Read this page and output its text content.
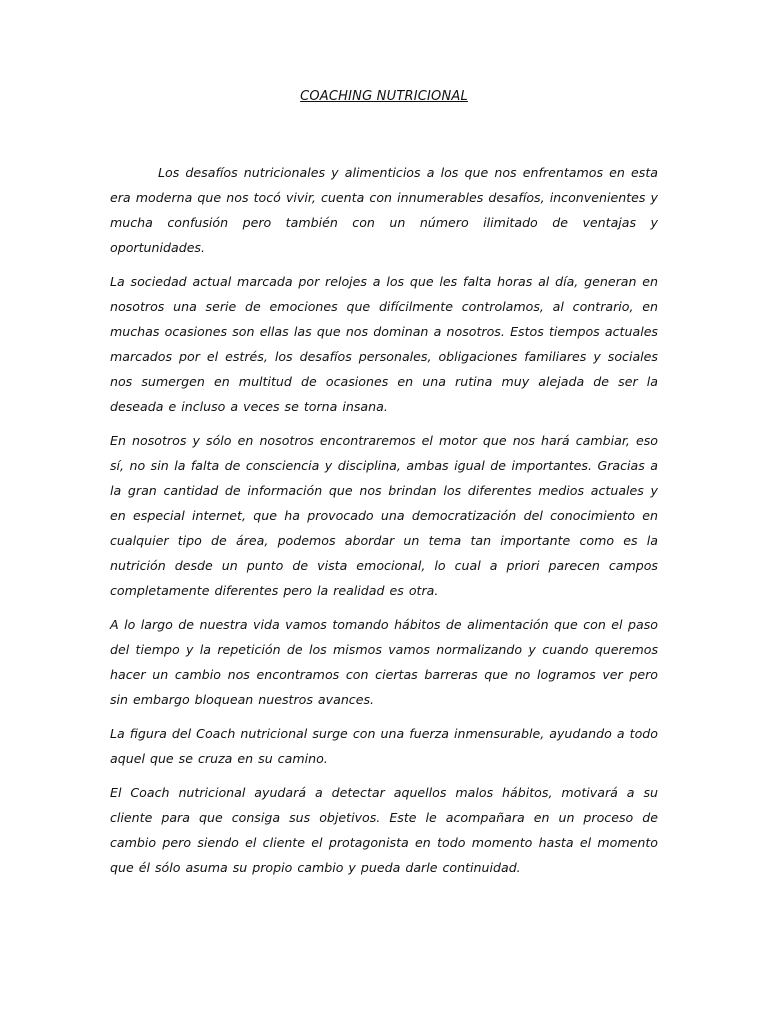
COACHING NUTRICIONAL

Los desafíos nutricionales y alimenticios a los que nos enfrentamos en esta era moderna que nos tocó vivir, cuenta con innumerables desafíos, inconvenientes y mucha confusión pero también con un número ilimitado de ventajas y oportunidades.

La sociedad actual marcada por relojes a los que les falta horas al día, generan en nosotros una serie de emociones que difícilmente controlamos, al contrario, en muchas ocasiones son ellas las que nos dominan a nosotros. Estos tiempos actuales marcados por el estrés, los desafíos personales, obligaciones familiares y sociales nos sumergen en multitud de ocasiones en una rutina muy alejada de ser la deseada e incluso a veces se torna insana.

En nosotros y sólo en nosotros encontraremos el motor que nos hará cambiar, eso sí, no sin la falta de consciencia y disciplina, ambas igual de importantes. Gracias a la gran cantidad de información que nos brindan los diferentes medios actuales y en especial internet, que ha provocado una democratización del conocimiento en cualquier tipo de área, podemos abordar un tema tan importante como es la nutrición desde un punto de vista emocional, lo cual a priori parecen campos completamente diferentes pero la realidad es otra.

A lo largo de nuestra vida vamos tomando hábitos de alimentación que con el paso del tiempo y la repetición de los mismos vamos normalizando y cuando queremos hacer un cambio nos encontramos con ciertas barreras que no logramos ver pero sin embargo bloquean nuestros avances.

La figura del Coach nutricional surge con una fuerza inmensurable, ayudando a todo aquel que se cruza en su camino.

El Coach nutricional ayudará a detectar aquellos malos hábitos, motivará a su cliente para que consiga sus objetivos. Este le acompañara en un proceso de cambio pero siendo el cliente el protagonista en todo momento hasta el momento que él sólo asuma su propio cambio y pueda darle continuidad.
